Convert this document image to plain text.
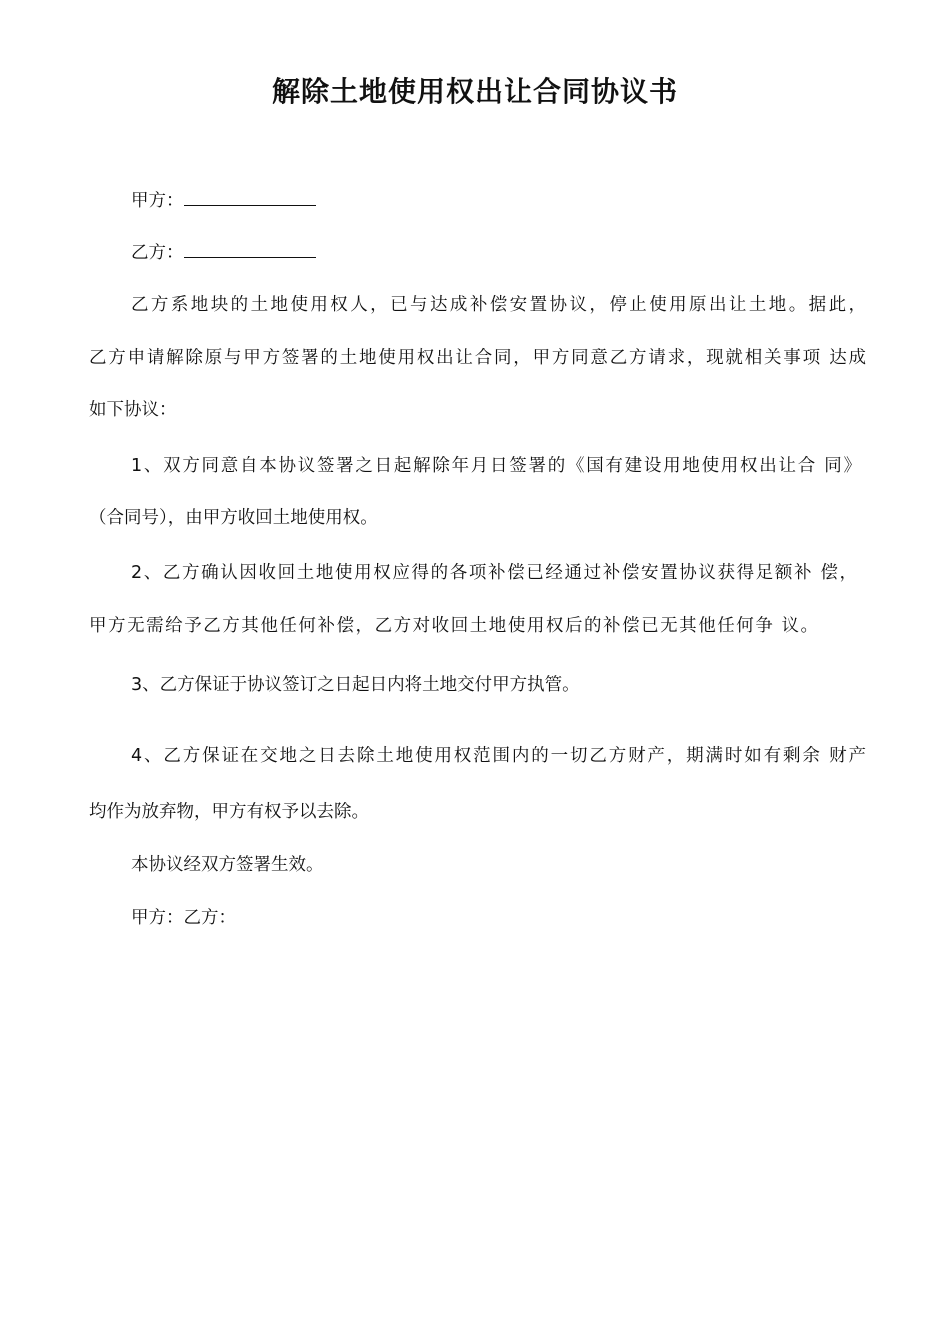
解除土地使用权出让合同协议书
甲方：
乙方：
乙方系地块的土地使用权人，已与达成补偿安置协议，停止使用原出让土地。据此，
乙方申请解除原与甲方签署的土地使用权出让合同，甲方同意乙方请求，现就相关事项 达成
如下协议：
1、双方同意自本协议签署之日起解除年月日签署的《国有建设用地使用权出让合 同》
（合同号），由甲方收回土地使用权。
2、乙方确认因收回土地使用权应得的各项补偿已经通过补偿安置协议获得足额补 偿，
甲方无需给予乙方其他任何补偿，乙方对收回土地使用权后的补偿已无其他任何争 议。
3、乙方保证于协议签订之日起日内将土地交付甲方执管。
4、乙方保证在交地之日去除土地使用权范围内的一切乙方财产，期满时如有剩余 财产
均作为放弃物，甲方有权予以去除。
本协议经双方签署生效。
甲方：乙方：
